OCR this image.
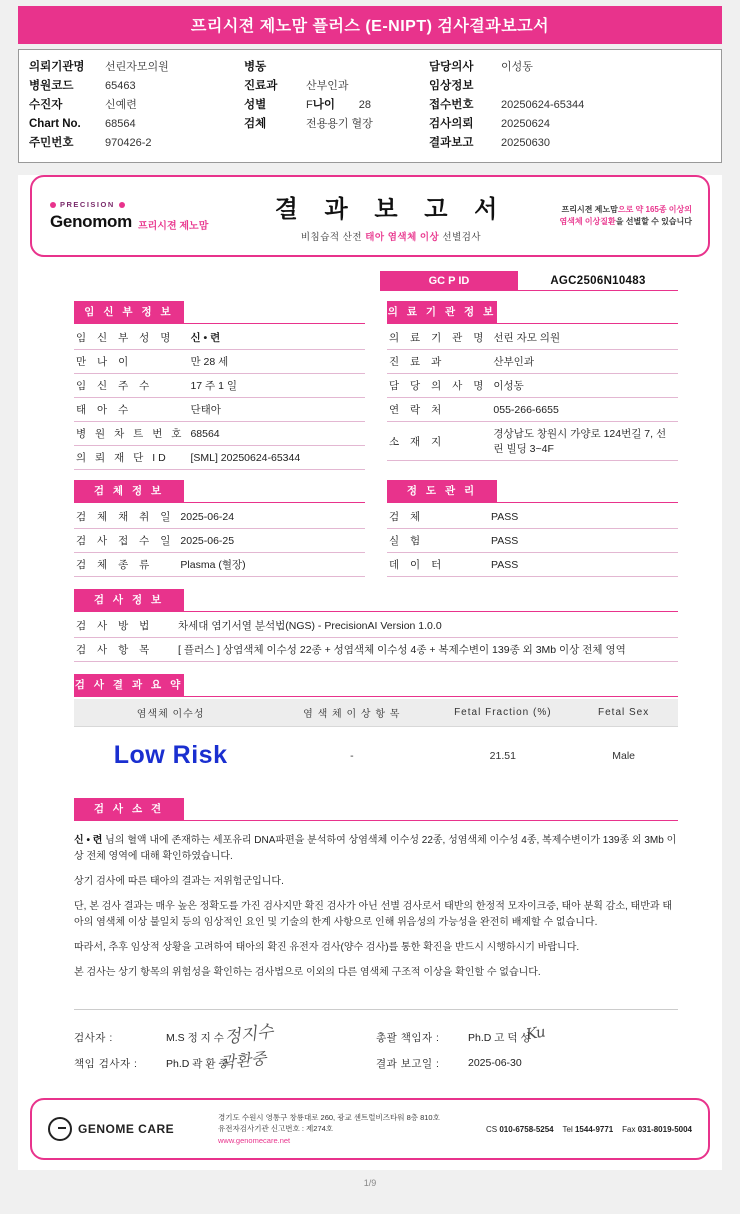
프리시젼 제노맘 플러스 (E-NIPT) 검사결과보고서
의뢰기관명	선린자모의원
병원코드	65463
수진자	신예련
Chart No.	68564
주민번호	970426-2
병동
진료과	산부인과
성별	F 나이	28
검체	전용용기 혈장
담당의사	이성동
임상정보
접수번호	20250624-65344
검사의뢰	20250624
결과보고	20250630
PRECISION
Genomom 프리시젼 제노맘
결 과 보 고 서
비침습적 산전 태아 염색체 이상 선별검사
프리시젼 제노맘으로 약 165종 이상의
염색체 이상질환을 선별할 수 있습니다
GC P ID	AGC2506N10483
임 신 부 정 보
임 신 부 성 명	신 • 련
만 나 이	만 28 세
임 신 주 수	17 주 1 일
태 아 수	단태아
병 원 차 트 번 호	68564
의 뢰 재 단 ID	[SML] 20250624-65344
의 료 기 관 정 보
의 료 기 관 명	선린 자모 의원
진 료 과	산부인과
담 당 의 사 명	이성동
연 락 처	055-266-6655
소 재 지	경상남도 창원시 가양로 124번길 7, 선린 빌딩 3~4F
검 체 정 보
검 체 채 취 일	2025-06-24
검 사 접 수 일	2025-06-25
검 체 종 류	Plasma (혈장)
정 도 관 리
검 체	PASS
실 험	PASS
데 이 터	PASS
검 사 정 보
검 사 방 법	차세대 염기서열 분석법(NGS) - PrecisionAI Version 1.0.0
검 사 항 목	[ 플러스 ] 상염색체 이수성 22종 + 성염색체 이수성 4종 + 복제수변이 139종 외 3Mb 이상 전체 영역
검 사 결 과 요 약
염색체 이수성	염 색 체 이 상 항 목	Fetal Fraction (%)	Fetal Sex
Low Risk	-	21.51	Male
검 사 소 견

신 • 련 님의 혈액 내에 존재하는 세포유리 DNA파편을 분석하여 상염색체 이수성 22종, 성염색체 이수성 4종, 복제수변이가 139종 외 3Mb 이상 전체 영역에 대해 확인하였습니다.

상기 검사에 따른 태아의 결과는 저위험군입니다.

단, 본 검사 결과는 매우 높은 정확도를 가진 검사지만 확진 검사가 아닌 선별 검사로서 태반의 한정적 모자이크증, 태아 분획 감소, 태반과 태아의 염색체 이상 불일치 등의 임상적인 요인 및 기술의 한계 사항으로 인해 위음성의 가능성을 완전히 배제할 수 없습니다.

따라서, 추후 임상적 상황을 고려하여 태아의 확진 유전자 검사(양수 검사)를 통한 확진을 반드시 시행하시기 바랍니다.

본 검사는 상기 항목의 위험성을 확인하는 검사법으로 이외의 다른 염색체 구조적 이상을 확인할 수 없습니다.

검사자 :	M.S 정 지 수 정지수
책임 검사자 :	Ph.D 곽 환 중
곽환중
총괄 책임자 :	Ph.D 고 덕 성
Ku
결과 보고일 :	2025-06-30
GENOME CARE
경기도 수원시 영통구 창룡대로 260, 광교 센트럴비즈타워 8층 810호
유전자검사기관 신고번호 : 제274호
www.genomecare.net
CS 010-6758-5254 Tel 1544-9771 Fax 031-8019-5004
1/9
